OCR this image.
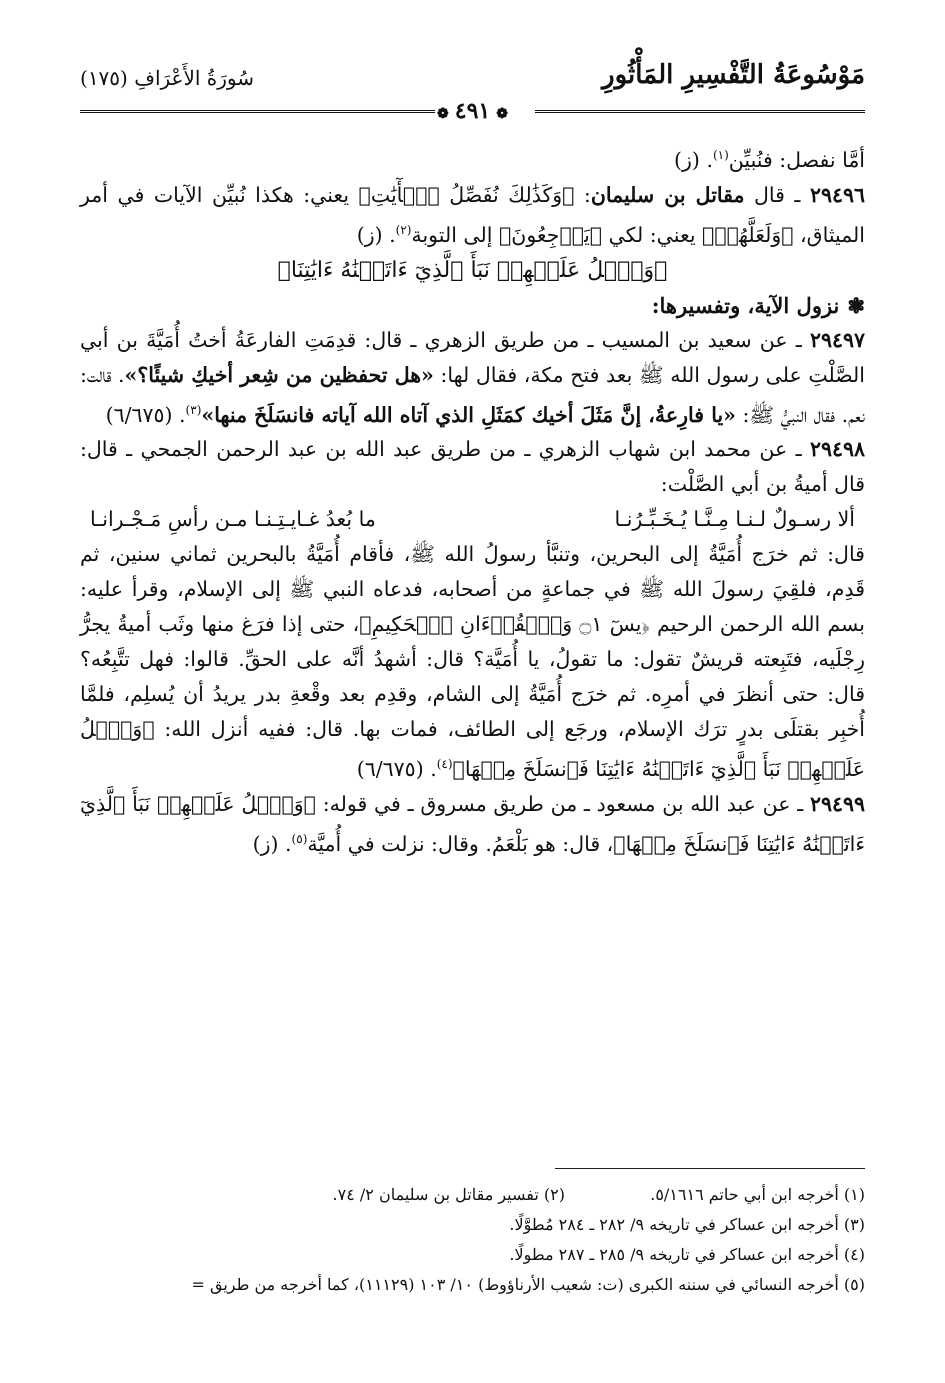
مَوْسُوعَةُ التَّفْسِيرِ المَأْثُورِ
سُورَةُ الأَعْرَافِ (١٧٥)
❁ ٤٩١ ❁

أمَّا نفصل: فنُبيِّن$^{(١)}$. (ز)

٢٩٤٩٦ ـ قال مقاتل بن سليمان: ﴿وَكَذَٰلِكَ نُفَصِّلُ ٱلۡأٓيَٰتِ﴾ يعني: هكذا نُبيِّن الآيات في أمر الميثاق، ﴿وَلَعَلَّهُمۡ﴾ يعني: لكي ﴿يَرۡجِعُونَ﴾ إلى التوبة$^{(٢)}$. (ز)

﴿وَٱتۡلُ عَلَيۡهِمۡ نَبَأَ ٱلَّذِيٓ ءَاتَيۡنَٰهُ ءَايَٰتِنَا﴾

❃نزول الآية، وتفسيرها:

٢٩٤٩٧ ـ عن سعيد بن المسيب ـ من طريق الزهري ـ قال: قدِمَتِ الفارعَةُ أختُ أُمَيَّةَ بن أبي الصَّلْتِ على رسول الله ﷺ بعد فتح مكة، فقال لها: «هل تحفظين من شِعر أخيكِ شيئًا؟». قالت: نعم. فقال النبيُّ ﷺ: «يا فارِعةُ، إنَّ مَثَلَ أخيك كمَثَلِ الذي آتاه الله آياته فانسَلَخَ منها»$^{(٣)}$. (٦/٦٧٥)

٢٩٤٩٨ ـ عن محمد ابن شهاب الزهري ـ من طريق عبد الله بن عبد الرحمن الجمحي ـ قال: قال أميةُ بن أبي الصَّلْت:

ألا رسـولٌ لـنـا مِـنَّـا يُـخَـبِّـرُنـا
ما بُعدُ غـايـتِـنـا مـن رأسِ مَـجْـرانـا

قال: ثم خرَج أُمَيَّةُ إلى البحرين، وتنبَّأ رسولُ الله ﷺ، فأقام أُمَيَّةُ بالبحرين ثماني سنين، ثم قَدِم، فلقِيَ رسولَ الله ﷺ في جماعةٍ من أصحابه، فدعاه النبي ﷺ إلى الإسلام، وقرأ عليه: بسم الله الرحمن الرحيم ﴿يسٓ ۝١ وَٱلۡقُرۡءَانِ ٱلۡحَكِيمِ﴾، حتى إذا فرَغ منها وثَب أميةُ يجرُّ رِجْلَيه، فتَبِعته قريشٌ تقول: ما تقولُ، يا أُمَيَّة؟ قال: أشهدُ أنَّه على الحقِّ. قالوا: فهل تتَّبِعُه؟ قال: حتى أنظرَ في أمرِه. ثم خرَج أُمَيَّةُ إلى الشام، وقدِم بعد وقْعةِ بدر يريدُ أن يُسلِم، فلمَّا أُخبِر بقتلَى بدرٍ ترَك الإسلام، ورجَع إلى الطائف، فمات بها. قال: ففيه أنزل الله: ﴿وَٱتۡلُ عَلَيۡهِمۡ نَبَأَ ٱلَّذِيٓ ءَاتَيۡنَٰهُ ءَايَٰتِنَا فَٱنسَلَخَ مِنۡهَا﴾$^{(٤)}$. (٦/٦٧٥)

٢٩٤٩٩ ـ عن عبد الله بن مسعود ـ من طريق مسروق ـ في قوله: ﴿وَٱتۡلُ عَلَيۡهِمۡ نَبَأَ ٱلَّذِيٓ ءَاتَيۡنَٰهُ ءَايَٰتِنَا فَٱنسَلَخَ مِنۡهَا﴾، قال: هو بَلْعَمُ. وقال: نزلت في أُميَّة$^{(٥)}$. (ز)

(١) أخرجه ابن أبي حاتم ٥/١٦١٦.
(٢) تفسير مقاتل بن سليمان ٢/ ٧٤.
(٣) أخرجه ابن عساكر في تاريخه ٩/ ٢٨٢ ـ ٢٨٤ مُطوَّلًا.
(٤) أخرجه ابن عساكر في تاريخه ٩/ ٢٨٥ ـ ٢٨٧ مطولًا.
(٥) أخرجه النسائي في سننه الكبرى (ت: شعيب الأرناؤوط) ١٠/ ١٠٣ (١١١٢٩)، كما أخرجه من طريق =
